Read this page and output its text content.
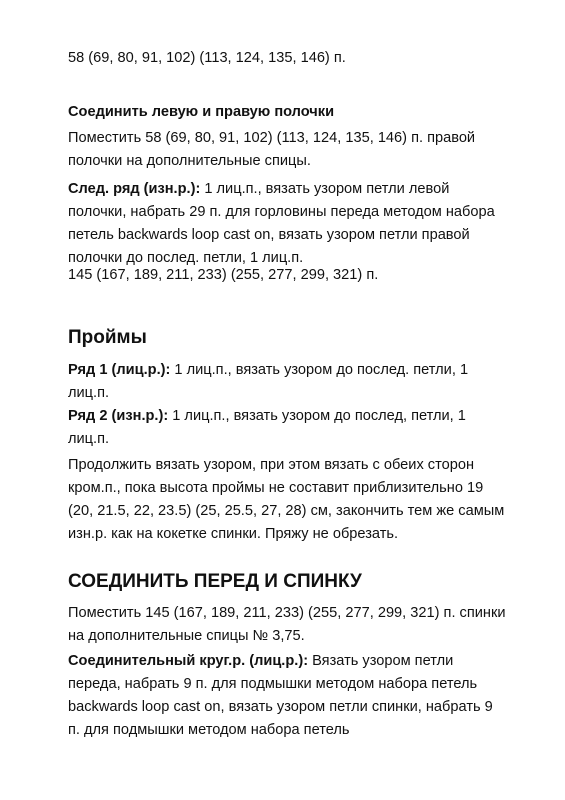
58 (69, 80, 91, 102) (113, 124, 135, 146) п.

Соединить левую и правую полочки

Поместить 58 (69, 80, 91, 102) (113, 124, 135, 146) п. правой полочки на дополнительные спицы.

След. ряд (изн.р.): 1 лиц.п., вязать узором петли левой полочки, набрать 29 п. для горловины переда методом набора петель backwards loop cast on, вязать узором петли правой полочки до послед. петли, 1 лиц.п.

145 (167, 189, 211, 233) (255, 277, 299, 321) п.

Проймы

Ряд 1 (лиц.р.): 1 лиц.п., вязать узором до послед. петли, 1 лиц.п.

Ряд 2 (изн.р.): 1 лиц.п., вязать узором до послед, петли, 1 лиц.п.

Продолжить вязать узором, при этом вязать с обеих сторон кром.п., пока высота проймы не составит приблизительно 19 (20, 21.5, 22, 23.5) (25, 25.5, 27, 28) см, закончить тем же самым изн.р. как на кокетке спинки. Пряжу не обрезать.

СОЕДИНИТЬ ПЕРЕД И СПИНКУ

Поместить 145 (167, 189, 211, 233) (255, 277, 299, 321) п. спинки на дополнительные спицы № 3,75.

Соединительный круг.р. (лиц.р.): Вязать узором петли переда, набрать 9 п. для подмышки методом набора петель backwards loop cast on, вязать узором петли спинки, набрать 9 п. для подмышки методом набора петель
